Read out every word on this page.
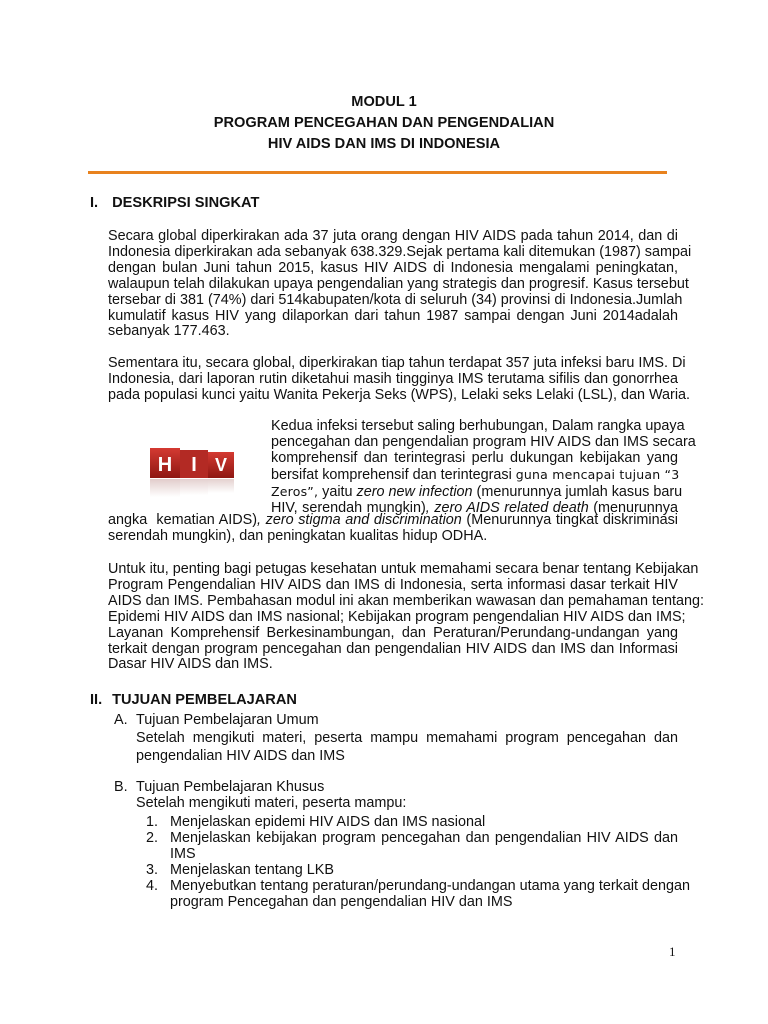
MODUL 1
PROGRAM PENCEGAHAN DAN PENGENDALIAN
HIV AIDS DAN IMS DI INDONESIA
I. DESKRIPSI SINGKAT
Secara global diperkirakan ada 37 juta orang dengan HIV AIDS pada tahun 2014, dan di
Indonesia diperkirakan ada sebanyak 638.329.Sejak pertama kali ditemukan (1987) sampai
dengan bulan Juni tahun 2015, kasus HIV AIDS di Indonesia mengalami peningkatan,
walaupun telah dilakukan upaya pengendalian yang strategis dan progresif. Kasus tersebut
tersebar di 381 (74%) dari 514kabupaten/kota di seluruh (34) provinsi di Indonesia.Jumlah
kumulatif kasus HIV yang dilaporkan dari tahun 1987 sampai dengan Juni 2014adalah
sebanyak 177.463.
Sementara itu, secara global, diperkirakan tiap tahun terdapat 357 juta infeksi baru IMS. Di
Indonesia, dari laporan rutin diketahui masih tingginya IMS terutama sifilis dan gonorrhea
pada populasi kunci yaitu Wanita Pekerja Seks (WPS), Lelaki seks Lelaki (LSL), dan Waria.
H I V
Kedua infeksi tersebut saling berhubungan, Dalam rangka upaya
pencegahan dan pengendalian program HIV AIDS dan IMS secara
komprehensif dan terintegrasi perlu dukungan kebijakan yang
bersifat komprehensif dan terintegrasi guna mencapai tujuan “3
Zeros”, yaitu zero new infection (menurunnya jumlah kasus baru
HIV, serendah mungkin), zero AIDS related death (menurunnya
angka  kematian AIDS), zero stigma and discrimination (Menurunnya tingkat diskriminasi
serendah mungkin), dan peningkatan kualitas hidup ODHA.
Untuk itu, penting bagi petugas kesehatan untuk memahami secara benar tentang Kebijakan
Program Pengendalian HIV AIDS dan IMS di Indonesia, serta informasi dasar terkait HIV
AIDS dan IMS. Pembahasan modul ini akan memberikan wawasan dan pemahaman tentang:
Epidemi HIV AIDS dan IMS nasional; Kebijakan program pengendalian HIV AIDS dan IMS;
Layanan Komprehensif Berkesinambungan, dan Peraturan/Perundang-undangan yang
terkait dengan program pencegahan dan pengendalian HIV AIDS dan IMS dan Informasi
Dasar HIV AIDS dan IMS.
II. TUJUAN PEMBELAJARAN
A. Tujuan Pembelajaran Umum
Setelah mengikuti materi, peserta mampu memahami program pencegahan dan
pengendalian HIV AIDS dan IMS
B. Tujuan Pembelajaran Khusus
Setelah mengikuti materi, peserta mampu:
1. Menjelaskan epidemi HIV AIDS dan IMS nasional
2. Menjelaskan kebijakan program pencegahan dan pengendalian HIV AIDS dan
IMS
3. Menjelaskan tentang LKB
4. Menyebutkan tentang peraturan/perundang-undangan utama yang terkait dengan
program Pencegahan dan pengendalian HIV dan IMS
1
